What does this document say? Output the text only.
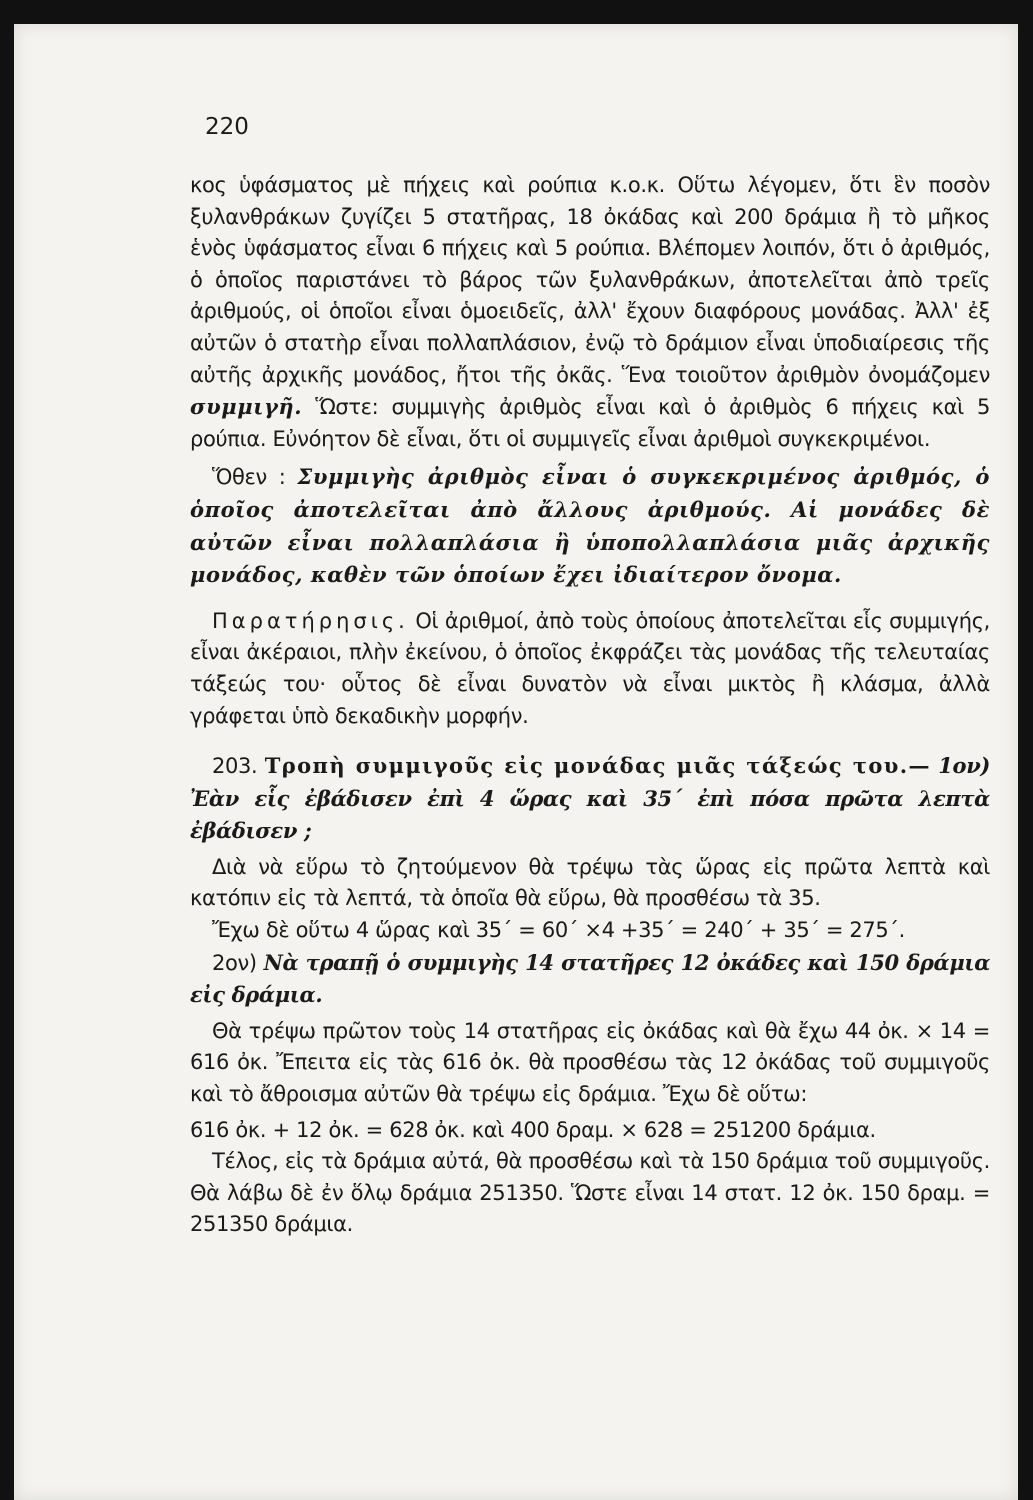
220

κος ὑφάσματος μὲ πήχεις καὶ ρούπια κ.ο.κ. Οὕτω λέγομεν, ὅτι ἓν ποσὸν ξυλανθράκων ζυγίζει 5 στατῆρας, 18 ὀκάδας καὶ 200 δράμια ἢ τὸ μῆκος ἑνὸς ὑφάσματος εἶναι 6 πήχεις καὶ 5 ρούπια. Βλέπομεν λοιπόν, ὅτι ὁ ἀριθμός, ὁ ὁποῖος παριστάνει τὸ βάρος τῶν ξυλανθράκων, ἀποτελεῖται ἀπὸ τρεῖς ἀριθμούς, οἱ ὁποῖοι εἶναι ὁμοειδεῖς, ἀλλ' ἔχουν διαφόρους μονάδας. Ἀλλ' ἐξ αὐτῶν ὁ στατὴρ εἶναι πολλαπλάσιον, ἐνῷ τὸ δράμιον εἶναι ὑποδιαίρεσις τῆς αὐτῆς ἀρχικῆς μονάδος, ἤτοι τῆς ὀκᾶς. Ἕνα τοιοῦτον ἀριθμὸν ὀνομάζομεν συμμιγῆ. Ὥστε: συμμιγὴς ἀριθμὸς εἶναι καὶ ὁ ἀριθμὸς 6 πήχεις καὶ 5 ρούπια. Εὐνόητον δὲ εἶναι, ὅτι οἱ συμμιγεῖς εἶναι ἀριθμοὶ συγκεκριμένοι.

Ὅθεν : Συμμιγὴς ἀριθμὸς εἶναι ὁ συγκεκριμένος ἀριθμός, ὁ ὁποῖος ἀποτελεῖται ἀπὸ ἄλλους ἀριθμούς. Αἱ μονάδες δὲ αὐτῶν εἶναι πολλαπλάσια ἢ ὑποπολλαπλάσια μιᾶς ἀρχικῆς μονάδος, καθὲν τῶν ὁποίων ἔχει ἰδιαίτερον ὄνομα.

Παρατήρησις. Οἱ ἀριθμοί, ἀπὸ τοὺς ὁποίους ἀποτελεῖται εἷς συμμιγής, εἶναι ἀκέραιοι, πλὴν ἐκείνου, ὁ ὁποῖος ἐκφράζει τὰς μονάδας τῆς τελευταίας τάξεώς του· οὗτος δὲ εἶναι δυνατὸν νὰ εἶναι μικτὸς ἢ κλάσμα, ἀλλὰ γράφεται ὑπὸ δεκαδικὴν μορφήν.

203. Τροπὴ συμμιγοῦς εἰς μονάδας μιᾶς τάξεώς του.— 1ον) Ἐὰν εἷς ἐβάδισεν ἐπὶ 4 ὥρας καὶ 35΄ ἐπὶ πόσα πρῶτα λεπτὰ ἐβάδισεν ;

Διὰ νὰ εὕρω τὸ ζητούμενον θὰ τρέψω τὰς ὥρας εἰς πρῶτα λεπτὰ καὶ κατόπιν εἰς τὰ λεπτά, τὰ ὁποῖα θὰ εὕρω, θὰ προσθέσω τὰ 35.

Ἔχω δὲ οὕτω 4 ὥρας καὶ 35΄ = 60΄ ×4 +35΄ = 240΄ + 35΄ = 275΄.

2ον) Νὰ τραπῇ ὁ συμμιγὴς 14 στατῆρες 12 ὀκάδες καὶ 150 δράμια εἰς δράμια.

Θὰ τρέψω πρῶτον τοὺς 14 στατῆρας εἰς ὀκάδας καὶ θὰ ἔχω 44 ὀκ. × 14 = 616 ὀκ. Ἔπειτα εἰς τὰς 616 ὀκ. θὰ προσθέσω τὰς 12 ὀκάδας τοῦ συμμιγοῦς καὶ τὸ ἄθροισμα αὐτῶν θὰ τρέψω εἰς δράμια. Ἔχω δὲ οὕτω:

616 ὀκ. + 12 ὀκ. = 628 ὀκ. καὶ 400 δραμ. × 628 = 251200 δράμια.

Τέλος, εἰς τὰ δράμια αὐτά, θὰ προσθέσω καὶ τὰ 150 δράμια τοῦ συμμιγοῦς. Θὰ λάβω δὲ ἐν ὅλῳ δράμια 251350. Ὥστε εἶναι 14 στατ. 12 ὀκ. 150 δραμ. = 251350 δράμια.
